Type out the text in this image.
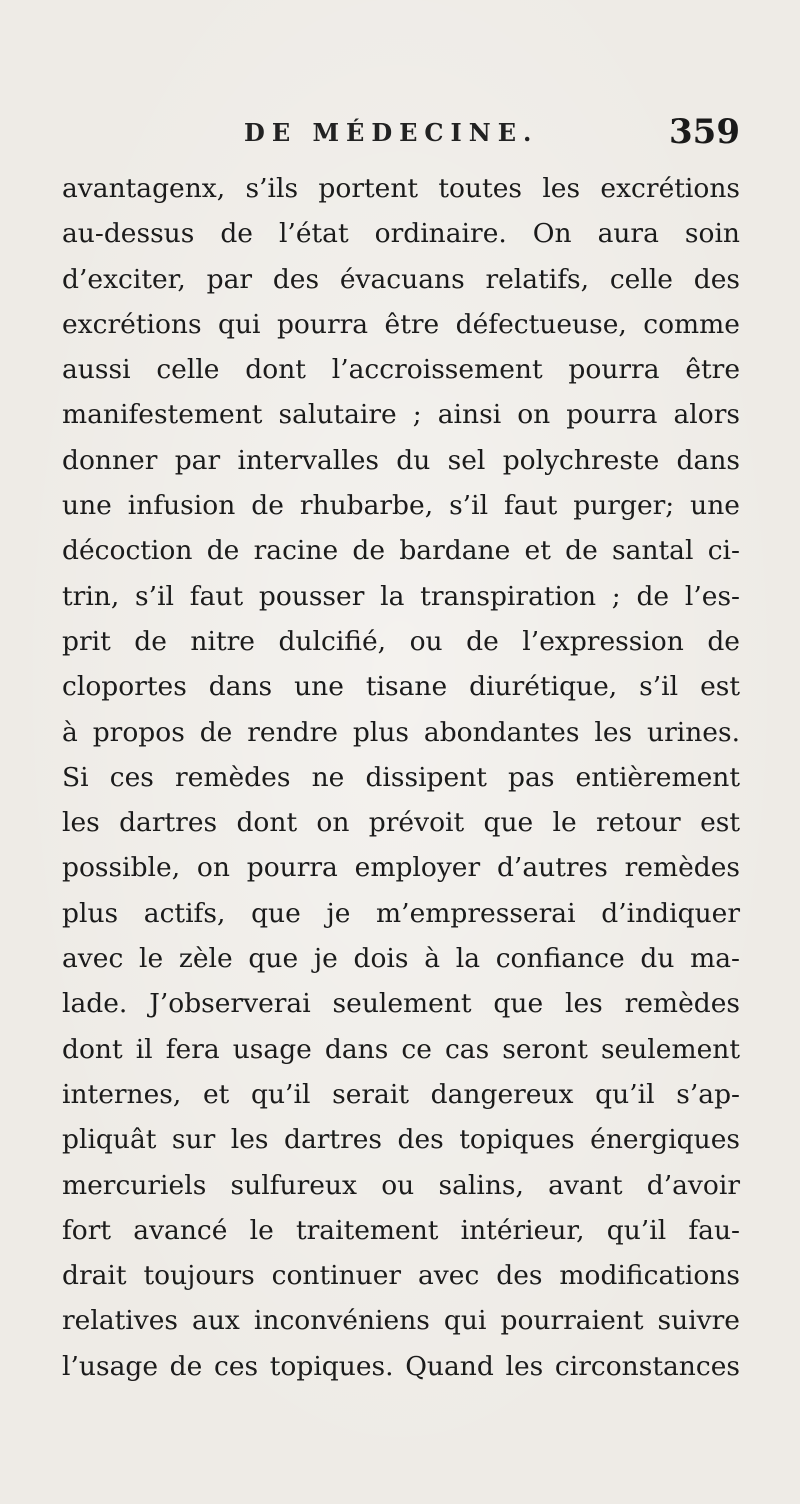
DE MÉDECINE.	359
avantagenx, s’ils portent toutes les excrétions
au-dessus de l’état ordinaire. On aura soin
d’exciter, par des évacuans relatifs, celle des
excrétions qui pourra être défectueuse, comme
aussi celle dont l’accroissement pourra être
manifestement salutaire ; ainsi on pourra alors
donner par intervalles du sel polychreste dans
une infusion de rhubarbe, s’il faut purger; une
décoction de racine de bardane et de santal ci-
trin, s’il faut pousser la transpiration ; de l’es-
prit de nitre dulcifié, ou de l’expression de
cloportes dans une tisane diurétique, s’il est
à propos de rendre plus abondantes les urines.
Si ces remèdes ne dissipent pas entièrement
les dartres dont on prévoit que le retour est
possible, on pourra employer d’autres remèdes
plus actifs, que je m’empresserai d’indiquer
avec le zèle que je dois à la confiance du ma-
lade. J’observerai seulement que les remèdes
dont il fera usage dans ce cas seront seulement
internes, et qu’il serait dangereux qu’il s’ap-
pliquât sur les dartres des topiques énergiques
mercuriels sulfureux ou salins, avant d’avoir
fort avancé le traitement intérieur, qu’il fau-
drait toujours continuer avec des modifications
relatives aux inconvéniens qui pourraient suivre
l’usage de ces topiques. Quand les circonstances
